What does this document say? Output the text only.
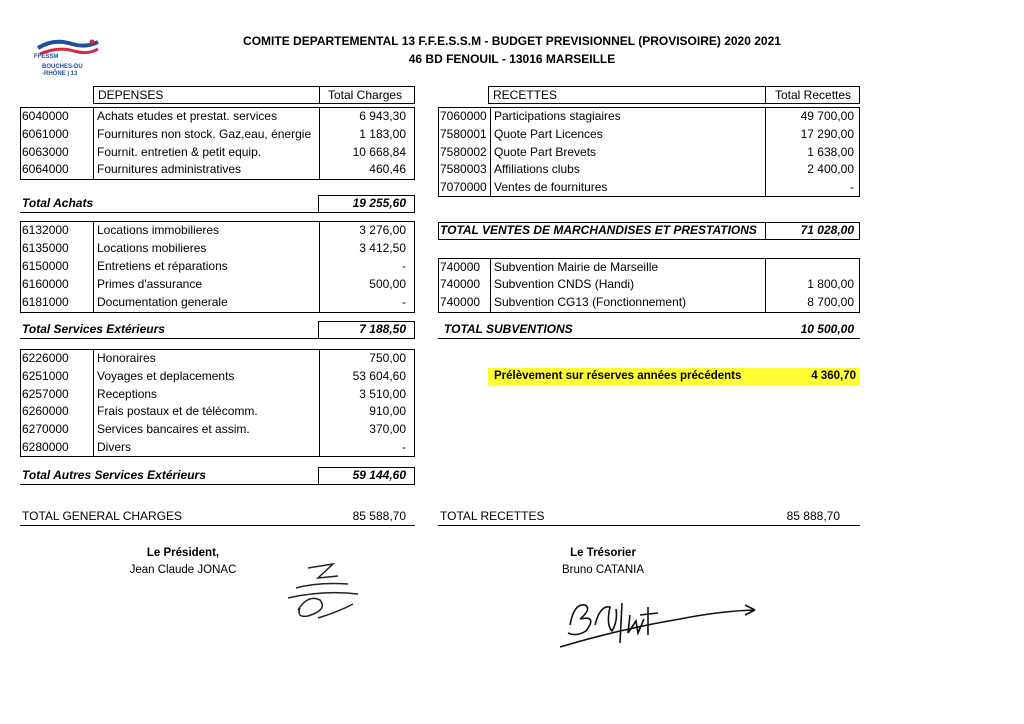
FFESSM
BOUCHES-DU
-RHÔNE | 13
COMITE DEPARTEMENTAL 13 F.F.E.S.S.M - BUDGET PREVISIONNEL (PROVISOIRE) 2020 2021
46 BD FENOUIL - 13016 MARSEILLE
DEPENSES	Total Charges
6040000 Achats etudes et prestat. services	6 943,30
6061000 Fournitures non stock. Gaz,eau, énergie	1 183,00
6063000 Fournit. entretien & petit equip.	10 668,84
6064000 Fournitures administratives	460,46
Total Achats	19 255,60
6132000 Locations immobilieres	3 276,00
6135000 Locations mobilieres	3 412,50
6150000 Entretiens et réparations	-
6160000 Primes d'assurance	500,00
6181000 Documentation generale	-
Total Services Extérieurs	7 188,50
6226000 Honoraires	750,00
6251000 Voyages et deplacements	53 604,60
6257000 Receptions	3 510,00
6260000 Frais postaux et de télécomm.	910,00
6270000 Services bancaires et assim.	370,00
6280000 Divers	-
Total Autres Services Extérieurs	59 144,60
TOTAL GENERAL CHARGES	85 588,70
RECETTES	Total Recettes
7060000 Participations stagiaires	49 700,00
7580001 Quote Part Licences	17 290,00
7580002 Quote Part Brevets	1 638,00
7580003 Affiliations clubs	2 400,00
7070000 Ventes de fournitures	-
TOTAL VENTES DE MARCHANDISES ET PRESTATIONS	71 028,00
740000 Subvention Mairie de Marseille
740000 Subvention CNDS (Handi)	1 800,00
740000 Subvention CG13 (Fonctionnement)	8 700,00
TOTAL SUBVENTIONS	10 500,00
Prélèvement sur réserves années précédents	4 360,70
TOTAL RECETTES	85 888,70
Le Président,
Jean Claude JONAC
Le Trésorier
Bruno CATANIA
